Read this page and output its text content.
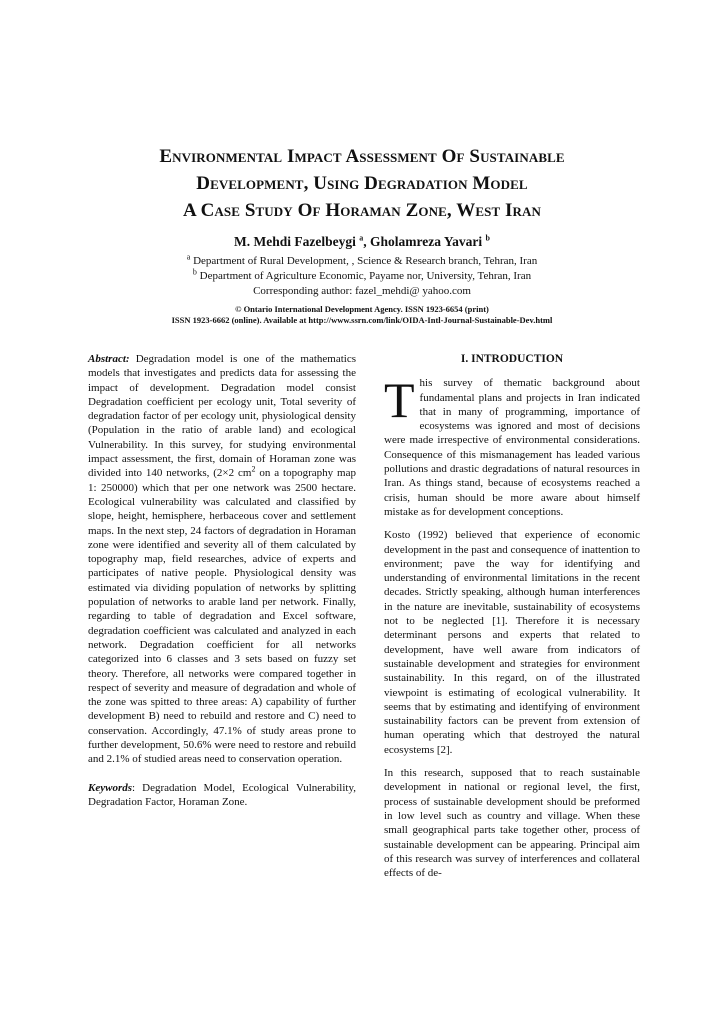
Environmental Impact Assessment Of Sustainable
Development, Using Degradation Model
A Case Study Of Horaman Zone, West Iran
M. Mehdi Fazelbeygi $^a$, Gholamreza Yavari $^b$
$^a$ Department of Rural Development, , Science & Research branch, Tehran, Iran
$^b$ Department of Agriculture Economic, Payame nor, University, Tehran, Iran
Corresponding author: fazel_mehdi@ yahoo.com
© Ontario International Development Agency. ISSN 1923-6654 (print)
ISSN 1923-6662 (online). Available at http://www.ssrn.com/link/OIDA-Intl-Journal-Sustainable-Dev.html

Abstract: Degradation model is one of the mathematics models that investigates and predicts data for assessing the impact of development. Degradation model consist Degradation coefficient per ecology unit, Total severity of degradation factor of per ecology unit, physiological density (Population in the ratio of arable land) and ecological Vulnerability. In this survey, for studying environmental impact assessment, the first, domain of Horaman zone was divided into 140 networks, (2×2 $cm^2$ on a topography map 1: 250000) which that per one network was 2500 hectare. Ecological vulnerability was calculated and classified by slope, height, hemisphere, herbaceous cover and settlement maps. In the next step, 24 factors of degradation in Horaman zone were identified and severity all of them calculated by topography map, field researches, advice of experts and participates of native people. Physiological density was estimated via dividing population of networks by splitting population of networks to arable land per network. Finally, regarding to table of degradation and Excel software, degradation coefficient was calculated and analyzed in each network. Degradation coefficient for all networks categorized into 6 classes and 3 sets based on fuzzy set theory. Therefore, all networks were compared together in respect of severity and measure of degradation and whole of the zone was spitted to three areas: A) capability of further development B) need to rebuild and restore and C) need to conservation. Accordingly, 47.1% of study areas prone to further development, 50.6% were need to restore and rebuild and 2.1% of studied areas need to conservation operation.

Keywords: Degradation Model, Ecological Vulnerability, Degradation Factor, Horaman Zone.

I. INTRODUCTION

This survey of thematic background about fundamental plans and projects in Iran indicated that in many of programming, importance of ecosystems was ignored and most of decisions were made irrespective of environmental considerations. Consequence of this mismanagement has leaded various pollutions and drastic degradations of natural resources in Iran. As things stand, because of ecosystems reached a crisis, human should be more aware about himself mistake as for development conceptions.

Kosto (1992) believed that experience of economic development in the past and consequence of inattention to environment; pave the way for identifying and understanding of environmental limitations in the recent decades. Strictly speaking, although human interferences in the nature are inevitable, sustainability of ecosystems not to be neglected [1]. Therefore it is necessary determinant persons and experts that related to development, have well aware from indicators of sustainable development and strategies for environment sustainability. In this regard, on of the illustrated viewpoint is estimating of ecological vulnerability. It seems that by estimating and identifying of environment sustainability factors can be prevent from extension of human operating which that destroyed the natural ecosystems [2].

In this research, supposed that to reach sustainable development in national or regional level, the first, process of sustainable development should be preformed in low level such as country and village. When these small geographical parts take together other, process of sustainable development can be appearing. Principal aim of this research was survey of interferences and collateral effects of de-
